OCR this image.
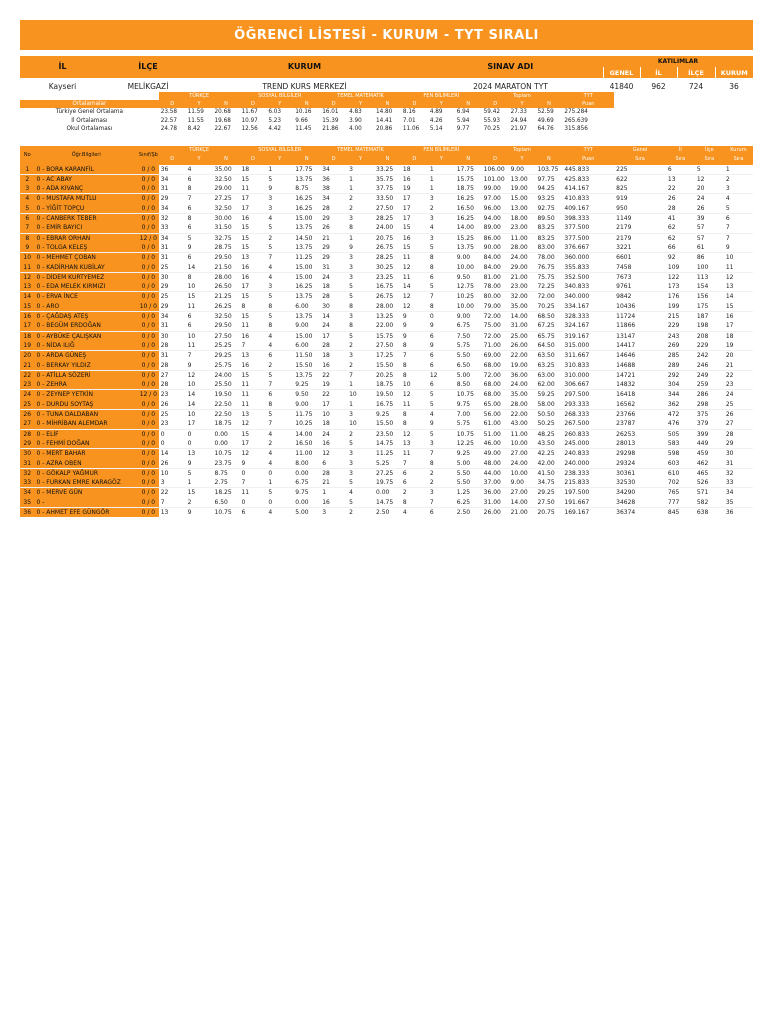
ÖĞRENCİ LİSTESİ - KURUM - TYT SIRALI
İL	İLÇE	KURUM	SINAV ADI	KATILIMLAR			
				GENEL	İL	İLÇE	KURUM
Kayseri	MELİKGAZİ	TREND KURS MERKEZİ	2024 MARATON TYT	41840	962	724	36
	TÜRKÇE			SOSYAL BİLGİLER			TEMEL MATEMATİK			FEN BİLİMLERİ			Toplam			TYT	
Ortalamalar	D	Y	N	D	Y	N	D	Y	N	D	Y	N	D	Y	N	Puan	
Türkiye Genel Ortalama	23.58	11.59	20.68	11.67	6.03	10.16	16.01	4.83	14.80	8.16	4.89	6.94	59.42	27.33	52.59	275.284	
İl Ortalaması	22.57	11.55	19.68	10.97	5.23	9.66	15.39	3.90	14.41	7.01	4.26	5.94	55.93	24.94	49.69	265.639	
Okul Ortalaması	24.78	8.42	22.67	12.56	4.42	11.45	21.86	4.00	20.86	11.06	5.14	9.77	70.25	21.97	64.76	315.856	
No	Öğr.Bilgileri	Sınıf/Şb	TÜRKÇE			SOSYAL BİLGİLER			TEMEL MATEMATİK			FEN BİLİMLERİ			Toplam			TYT	Genel	İl	İlçe	Kurum
			D	Y	N	D	Y	N	D	Y	N	D	Y	N	D	Y	N	Puan	Sıra	Sıra	Sıra	Sıra
1	0 - BORA KARANFİL	0 / 0	36	4	35.00	18	1	17.75	34	3	33.25	18	1	17.75	106.00	9.00	103.75	445.833	225	6	5	1
2	0 - AC ABAY	0 / 0	34	6	32.50	15	5	13.75	36	1	35.75	16	1	15.75	101.00	13.00	97.75	425.833	622	13	12	2
3	0 - ADA KIVANÇ	0 / 0	31	8	29.00	11	9	8.75	38	1	37.75	19	1	18.75	99.00	19.00	94.25	414.167	825	22	20	3
4	0 - MUSTAFA MUTLU	0 / 0	29	7	27.25	17	3	16.25	34	2	33.50	17	3	16.25	97.00	15.00	93.25	410.833	919	26	24	4
5	0 - YİĞİT TOPÇU	0 / 0	34	6	32.50	17	3	16.25	28	2	27.50	17	2	16.50	96.00	13.00	92.75	409.167	950	28	26	5
6	0 - CANBERK TEBER	0 / 0	32	8	30.00	16	4	15.00	29	3	28.25	17	3	16.25	94.00	18.00	89.50	398.333	1149	41	39	6
7	0 - EMİR BAYICI	0 / 0	33	6	31.50	15	5	13.75	26	8	24.00	15	4	14.00	89.00	23.00	83.25	377.500	2179	62	57	7
8	0 - EBRAR ORHAN	12 / 0	34	5	32.75	15	2	14.50	21	1	20.75	16	3	15.25	86.00	11.00	83.25	377.500	2179	62	57	7
9	0 - TOLGA KELEŞ	0 / 0	31	9	28.75	15	5	13.75	29	9	26.75	15	5	13.75	90.00	28.00	83.00	376.667	3221	66	61	9
10	0 - MEHMET ÇOBAN	0 / 0	31	6	29.50	13	7	11.25	29	3	28.25	11	8	9.00	84.00	24.00	78.00	360.000	6601	92	86	10
11	0 - KADİRHAN KUBİLAY	0 / 0	25	14	21.50	16	4	15.00	31	3	30.25	12	8	10.00	84.00	29.00	76.75	355.833	7458	109	100	11
12	0 - DİDEM KURTYEMEZ	0 / 0	30	8	28.00	16	4	15.00	24	3	23.25	11	6	9.50	81.00	21.00	75.75	352.500	7673	122	113	12
13	0 - EDA MELEK KIRMIZI	0 / 0	29	10	26.50	17	3	16.25	18	5	16.75	14	5	12.75	78.00	23.00	72.25	340.833	9761	173	154	13
14	0 - ERVA İNCE	0 / 0	25	15	21.25	15	5	13.75	28	5	26.75	12	7	10.25	80.00	32.00	72.00	340.000	9842	176	156	14
15	0 - ARO	10 / 0	29	11	26.25	8	8	6.00	30	8	28.00	12	8	10.00	79.00	35.00	70.25	334.167	10436	199	175	15
16	0 - ÇAĞDAŞ ATEŞ	0 / 0	34	6	32.50	15	5	13.75	14	3	13.25	9	0	9.00	72.00	14.00	68.50	328.333	11724	215	187	16
17	0 - BEGÜM ERDOĞAN	0 / 0	31	6	29.50	11	8	9.00	24	8	22.00	9	9	6.75	75.00	31.00	67.25	324.167	11866	229	198	17
18	0 - AYBÜKE ÇALIŞKAN	0 / 0	30	10	27.50	16	4	15.00	17	5	15.75	9	6	7.50	72.00	25.00	65.75	319.167	13147	243	208	18
19	0 - NİDA ILIĞ	0 / 0	28	11	25.25	7	4	6.00	28	2	27.50	8	9	5.75	71.00	26.00	64.50	315.000	14417	269	229	19
20	0 - ARDA GÜNEŞ	0 / 0	31	7	29.25	13	6	11.50	18	3	17.25	7	6	5.50	69.00	22.00	63.50	311.667	14646	285	242	20
21	0 - BERKAY YILDIZ	0 / 0	28	9	25.75	16	2	15.50	16	2	15.50	8	6	6.50	68.00	19.00	63.25	310.833	14688	289	246	21
22	0 - ATİLLA SÖZERİ	0 / 0	27	12	24.00	15	5	13.75	22	7	20.25	8	12	5.00	72.00	36.00	63.00	310.000	14721	292	249	22
23	0 - ZEHRA	0 / 0	28	10	25.50	11	7	9.25	19	1	18.75	10	6	8.50	68.00	24.00	62.00	306.667	14832	304	259	23
24	0 - ZEYNEP YETKİN	12 / 0	23	14	19.50	11	6	9.50	22	10	19.50	12	5	10.75	68.00	35.00	59.25	297.500	16418	344	286	24
25	0 - DURDU SOYTAŞ	0 / 0	26	14	22.50	11	8	9.00	17	1	16.75	11	5	9.75	65.00	28.00	58.00	293.333	16562	362	298	25
26	0 - TUNA DALDABAN	0 / 0	25	10	22.50	13	5	11.75	10	3	9.25	8	4	7.00	56.00	22.00	50.50	268.333	23766	472	375	26
27	0 - MİHRİBAN ALEMDAR	0 / 0	23	17	18.75	12	7	10.25	18	10	15.50	8	9	5.75	61.00	43.00	50.25	267.500	23787	476	379	27
28	0 - ELİF	0 / 0	0	0	0.00	15	4	14.00	24	2	23.50	12	5	10.75	51.00	11.00	48.25	260.833	26253	505	399	28
29	0 - FEHMİ DOĞAN	0 / 0	0	0	0.00	17	2	16.50	16	5	14.75	13	3	12.25	46.00	10.00	43.50	245.000	28013	583	449	29
30	0 - MERT BAHAR	0 / 0	14	13	10.75	12	4	11.00	12	3	11.25	11	7	9.25	49.00	27.00	42.25	240.833	29298	598	459	30
31	0 - AZRA OBEN	0 / 0	26	9	23.75	9	4	8.00	6	3	5.25	7	8	5.00	48.00	24.00	42.00	240.000	29324	603	462	31
32	0 - GÖKALP YAĞMUR	0 / 0	10	5	8.75	0	0	0.00	28	3	27.25	6	2	5.50	44.00	10.00	41.50	238.333	30361	610	465	32
33	0 - FURKAN EMRE KARAGÖZ	0 / 0	3	1	2.75	7	1	6.75	21	5	19.75	6	2	5.50	37.00	9.00	34.75	215.833	32530	702	526	33
34	0 - MERVE GÜN	0 / 0	22	15	18.25	11	5	9.75	1	4	0.00	2	3	1.25	36.00	27.00	29.25	197.500	34290	765	571	34
35	0 -	0 / 0	7	2	6.50	0	0	0.00	16	5	14.75	8	7	6.25	31.00	14.00	27.50	191.667	34628	777	582	35
36	0 - AHMET EFE GÜNGÖR	0 / 0	13	9	10.75	6	4	5.00	3	2	2.50	4	6	2.50	26.00	21.00	20.75	169.167	36374	845	638	36
